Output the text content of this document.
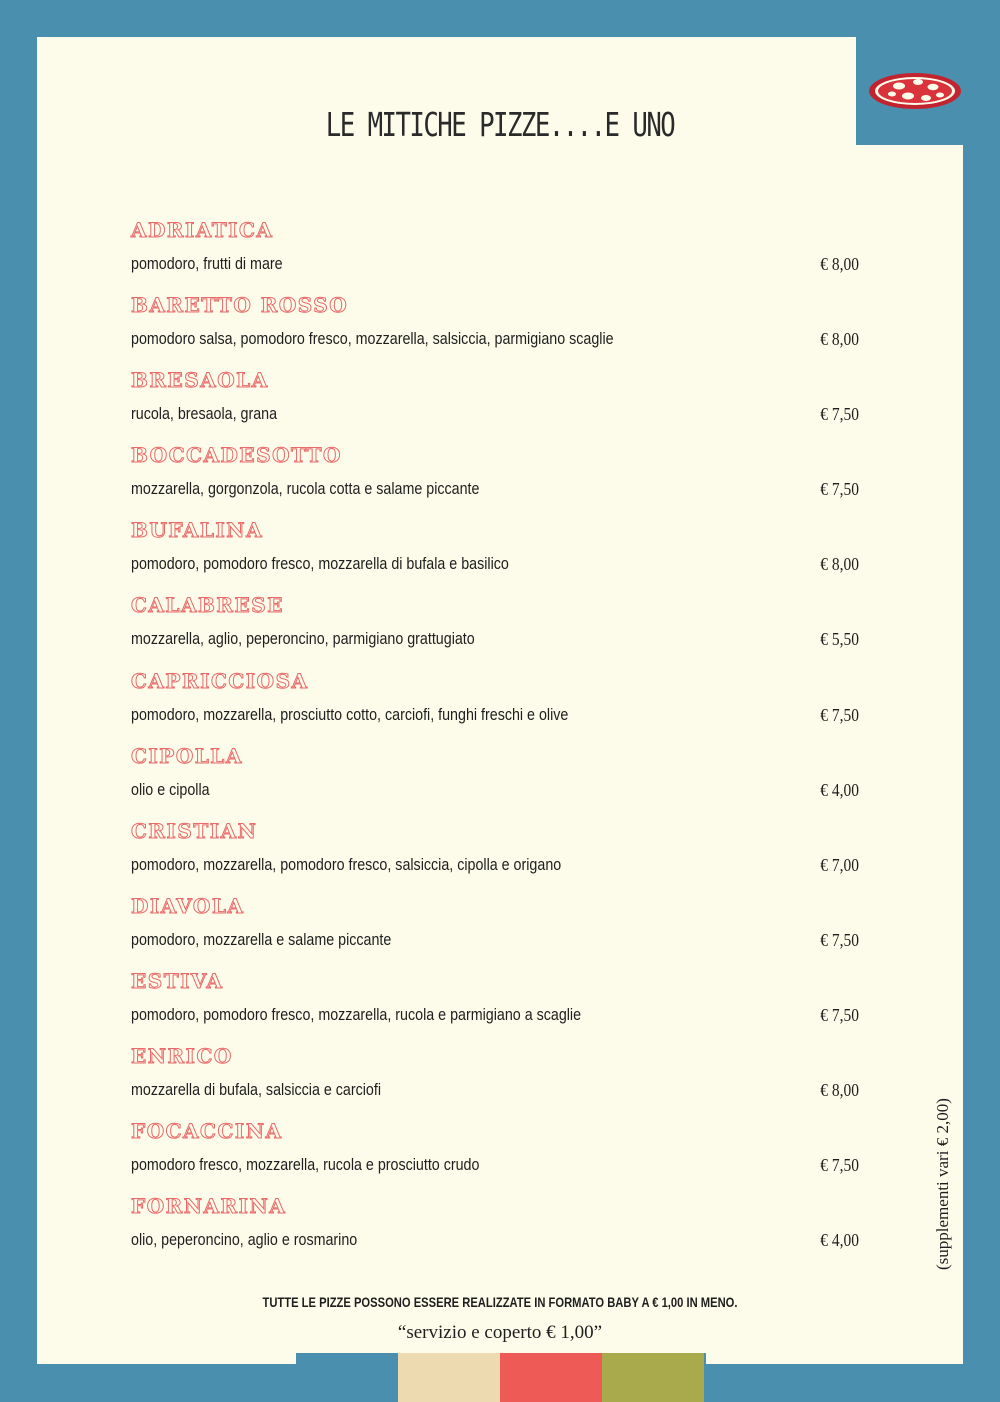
LE MITICHE PIZZE....E UNO
ADRIATICA
pomodoro, frutti di mare	€ 8,00
BARETTO ROSSO
pomodoro salsa, pomodoro fresco, mozzarella, salsiccia, parmigiano scaglie	€ 8,00
BRESAOLA
rucola, bresaola, grana	€ 7,50
BOCCADESOTTO
mozzarella, gorgonzola, rucola cotta e salame piccante	€ 7,50
BUFALINA
pomodoro, pomodoro fresco, mozzarella di bufala e basilico	€ 8,00
CALABRESE
mozzarella, aglio, peperoncino, parmigiano grattugiato	€ 5,50
CAPRICCIOSA
pomodoro, mozzarella, prosciutto cotto, carciofi, funghi freschi e olive	€ 7,50
CIPOLLA
olio e cipolla	€ 4,00
CRISTIAN
pomodoro, mozzarella, pomodoro fresco, salsiccia, cipolla e origano	€ 7,00
DIAVOLA
pomodoro, mozzarella e salame piccante	€ 7,50
ESTIVA
pomodoro, pomodoro fresco, mozzarella, rucola e parmigiano a scaglie	€ 7,50
ENRICO
mozzarella di bufala, salsiccia e carciofi	€ 8,00
FOCACCINA
pomodoro fresco, mozzarella, rucola e prosciutto crudo	€ 7,50
FORNARINA
olio, peperoncino, aglio e rosmarino	€ 4,00	(supplementi vari € 2,00)
TUTTE LE PIZZE POSSONO ESSERE REALIZZATE IN FORMATO BABY A € 1,00 IN MENO.
“servizio e coperto € 1,00”
